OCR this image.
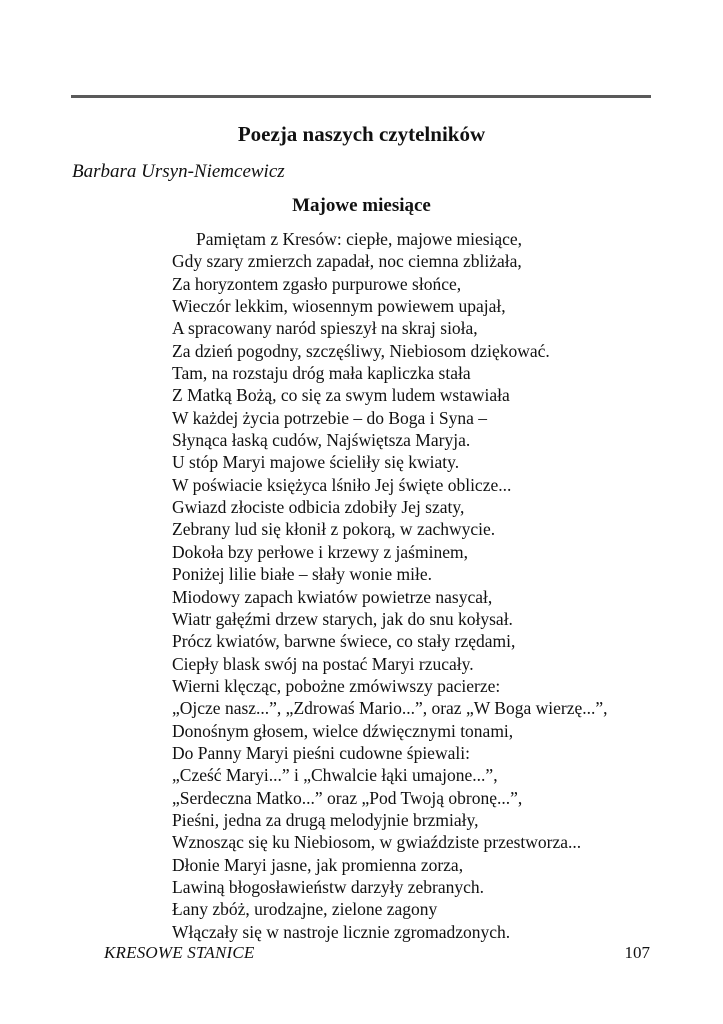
Poezja naszych czytelników
Barbara Ursyn-Niemcewicz
Majowe miesiące
Pamiętam z Kresów: ciepłe, majowe miesiące,
Gdy szary zmierzch zapadał, noc ciemna zbliżała,
Za horyzontem zgasło purpurowe słońce,
Wieczór lekkim, wiosennym powiewem upajał,
A spracowany naród spieszył na skraj sioła,
Za dzień pogodny, szczęśliwy, Niebiosom dziękować.
Tam, na rozstaju dróg mała kapliczka stała
Z Matką Bożą, co się za swym ludem wstawiała
W każdej życia potrzebie – do Boga i Syna –
Słynąca łaską cudów, Najświętsza Maryja.
U stóp Maryi majowe ścieliły się kwiaty.
W poświacie księżyca lśniło Jej święte oblicze...
Gwiazd złociste odbicia zdobiły Jej szaty,
Zebrany lud się kłonił z pokorą, w zachwycie.
Dokoła bzy perłowe i krzewy z jaśminem,
Poniżej lilie białe – słały wonie miłe.
Miodowy zapach kwiatów powietrze nasycał,
Wiatr gałęźmi drzew starych, jak do snu kołysał.
Prócz kwiatów, barwne świece, co stały rzędami,
Ciepły blask swój na postać Maryi rzucały.
Wierni klęcząc, pobożne zmówiwszy pacierze:
„Ojcze nasz...”, „Zdrowaś Mario...”, oraz „W Boga wierzę...”,
Donośnym głosem, wielce dźwięcznymi tonami,
Do Panny Maryi pieśni cudowne śpiewali:
„Cześć Maryi...” i „Chwalcie łąki umajone...”,
„Serdeczna Matko...” oraz „Pod Twoją obronę...”,
Pieśni, jedna za drugą melodyjnie brzmiały,
Wznosząc się ku Niebiosom, w gwiaździste przestworza...
Dłonie Maryi jasne, jak promienna zorza,
Lawiną błogosławieństw darzyły zebranych.
Łany zbóż, urodzajne, zielone zagony
Włączały się w nastroje licznie zgromadzonych.
KRESOWE STANICE	107
